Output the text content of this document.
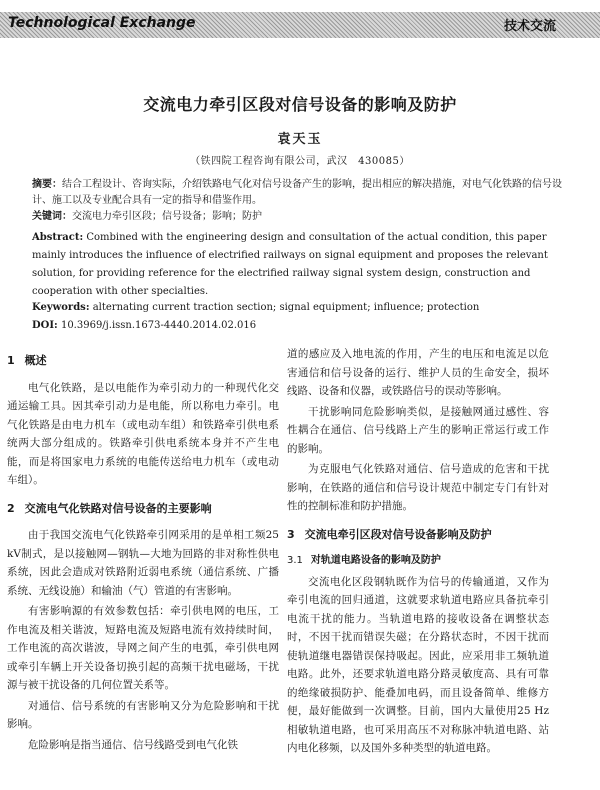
Technological Exchange	技术交流
交流电力牵引区段对信号设备的影响及防护
袁天玉
（铁四院工程咨询有限公司，武汉　430085）
摘要：结合工程设计、咨询实际，介绍铁路电气化对信号设备产生的影响，提出相应的解决措施，对电气化铁路的信号设计、施工以及专业配合具有一定的指导和借鉴作用。
关键词：交流电力牵引区段；信号设备；影响；防护
Abstract: Combined with the engineering design and consultation of the actual condition, this paper mainly introduces the influence of electrified railways on signal equipment and proposes the relevant solution, for providing reference for the electrified railway signal system design, construction and cooperation with other specialties.
Keywords: alternating current traction section; signal equipment; influence; protection
DOI: 10.3969/j.issn.1673-4440.2014.02.016
1 概述

电气化铁路，是以电能作为牵引动力的一种现代化交通运输工具。因其牵引动力是电能，所以称电力牵引。电气化铁路是由电力机车（或电动车组）和铁路牵引供电系统两大部分组成的。铁路牵引供电系统本身并不产生电能，而是将国家电力系统的电能传送给电力机车（或电动车组）。

2 交流电气化铁路对信号设备的主要影响

由于我国交流电气化铁路牵引网采用的是单相工频25 kV制式，是以接触网—钢轨—大地为回路的非对称性供电系统，因此会造成对铁路附近弱电系统（通信系统、广播系统、无线设施）和输油（气）管道的有害影响。

有害影响源的有效参数包括：牵引供电网的电压，工作电流及相关谐波，短路电流及短路电流有效持续时间，工作电流的高次谐波，导网之间产生的电弧，牵引供电网或牵引车辆上开关设备切换引起的高频干扰电磁场，干扰源与被干扰设备的几何位置关系等。

对通信、信号系统的有害影响又分为危险影响和干扰影响。

危险影响是指当通信、信号线路受到电气化铁

道的感应及入地电流的作用，产生的电压和电流足以危害通信和信号设备的运行、维护人员的生命安全，损坏线路、设备和仪器，或铁路信号的误动等影响。

干扰影响同危险影响类似，是接触网通过感性、容性耦合在通信、信号线路上产生的影响正常运行或工作的影响。

为克服电气化铁路对通信、信号造成的危害和干扰影响，在铁路的通信和信号设计规范中制定专门有针对性的控制标准和防护措施。

3 交流电牵引区段对信号设备影响及防护
3.1 对轨道电路设备的影响及防护

交流电化区段钢轨既作为信号的传输通道，又作为牵引电流的回归通道，这就要求轨道电路应具备抗牵引电流干扰的能力。当轨道电路的接收设备在调整状态时，不因干扰而错误失磁；在分路状态时，不因干扰而使轨道继电器错误保持吸起。因此，应采用非工频轨道电路。此外，还要求轨道电路分路灵敏度高、具有可靠的绝缘破损防护、能叠加电码，而且设备简单、维修方便，最好能做到一次调整。目前，国内大量使用25 Hz相敏轨道电路，也可采用高压不对称脉冲轨道电路、站内电化移频，以及国外多种类型的轨道电路。
